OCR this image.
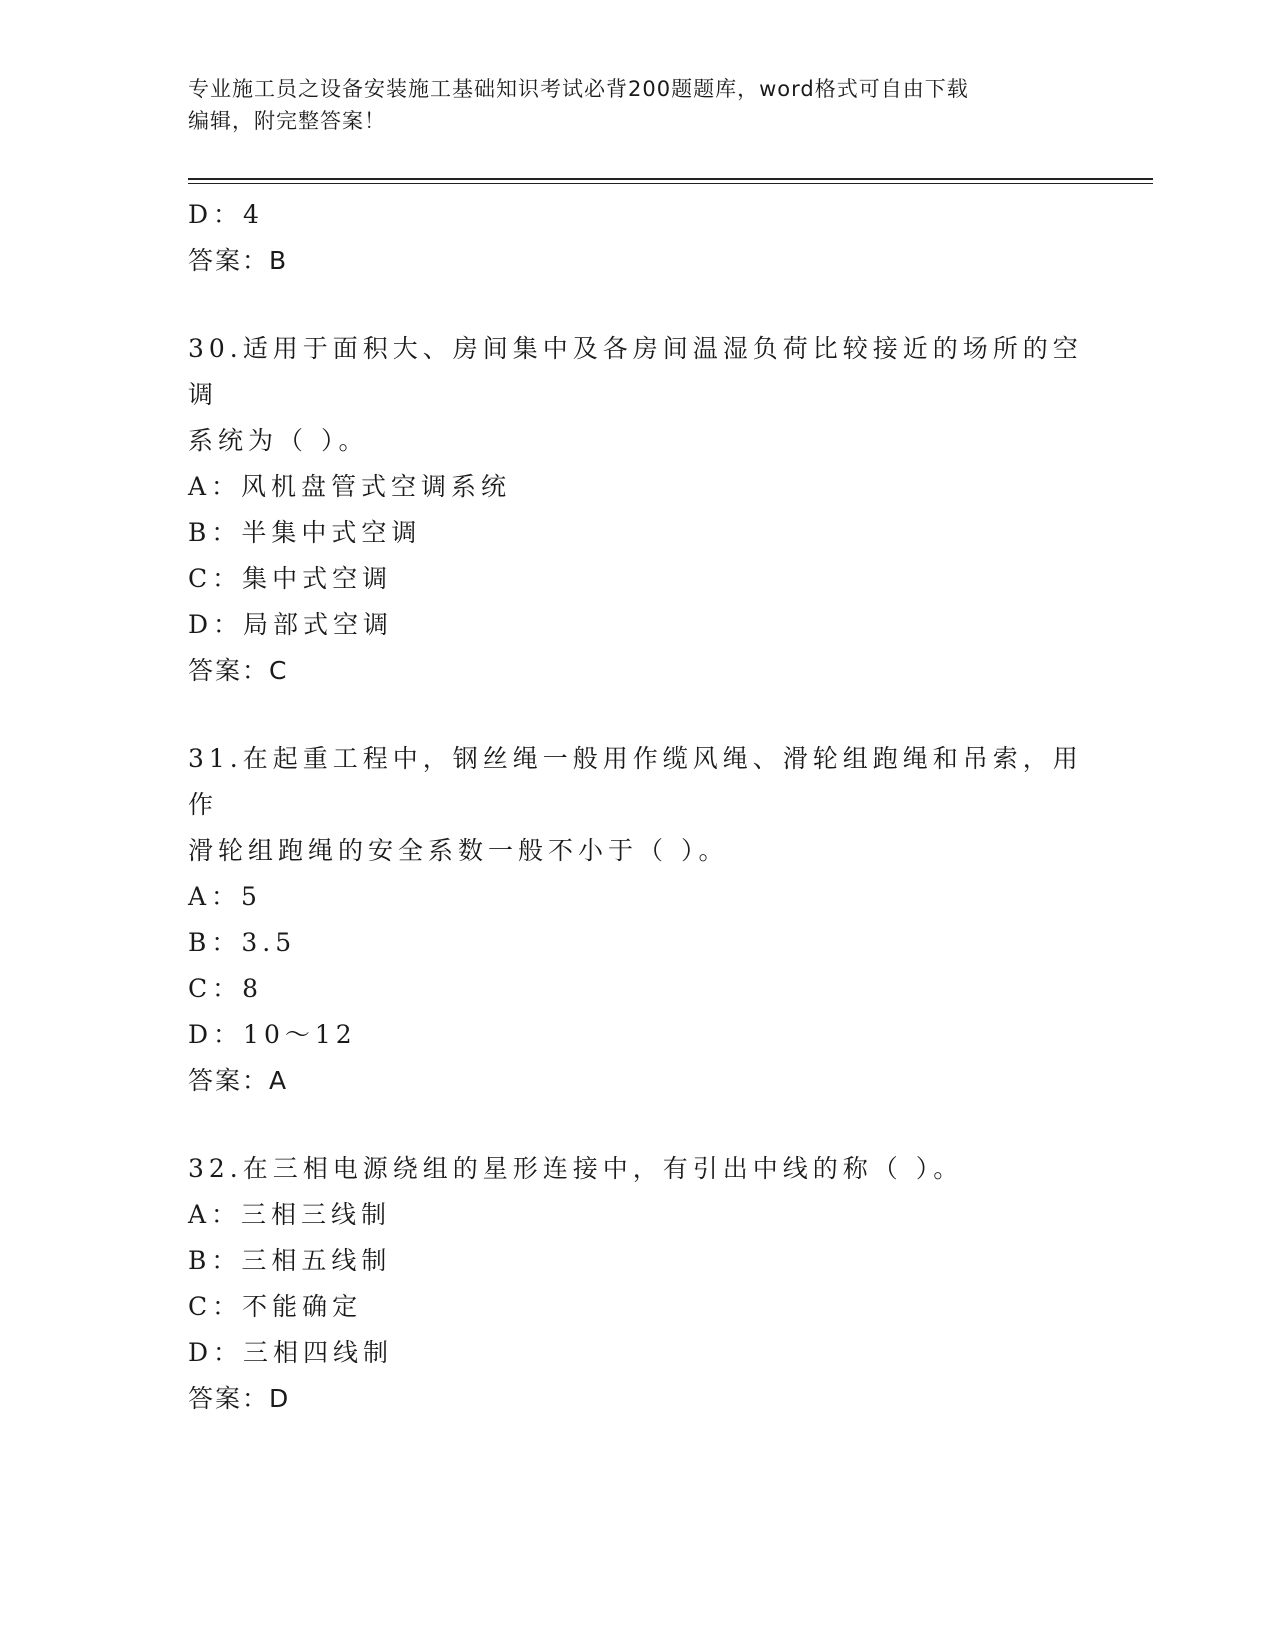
专业施工员之设备安装施工基础知识考试必背200题题库，word格式可自由下载
编辑，附完整答案！
D：4
答案：B
30.适用于面积大、房间集中及各房间温湿负荷比较接近的场所的空调
系统为（ ）。
A：风机盘管式空调系统
B：半集中式空调
C：集中式空调
D：局部式空调
答案：C
31.在起重工程中，钢丝绳一般用作缆风绳、滑轮组跑绳和吊索，用作
滑轮组跑绳的安全系数一般不小于（ ）。
A：5
B：3.5
C：8
D：10～12
答案：A
32.在三相电源绕组的星形连接中，有引出中线的称（ ）。
A：三相三线制
B：三相五线制
C：不能确定
D：三相四线制
答案：D
